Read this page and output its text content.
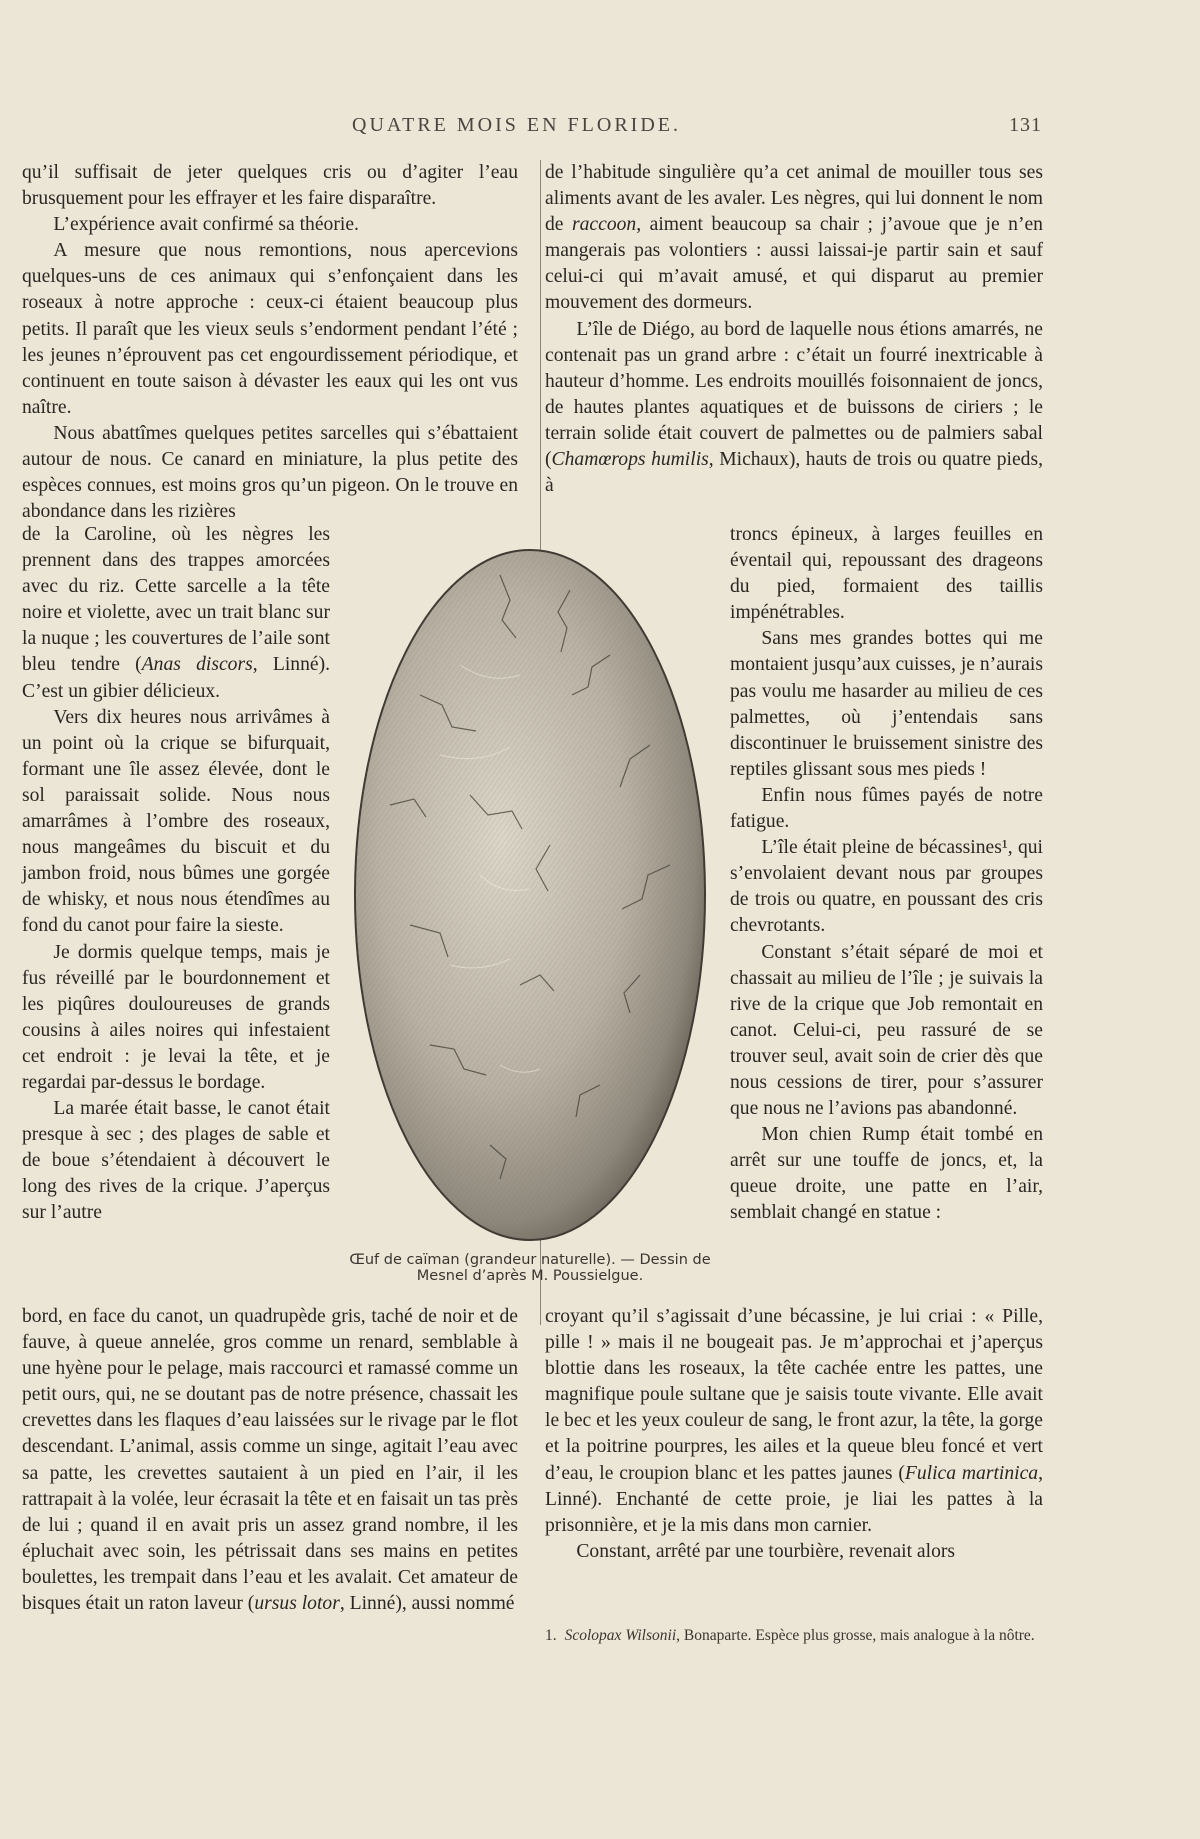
QUATRE MOIS EN FLORIDE.	131

qu’il suffisait de jeter quelques cris ou d’agiter l’eau brusquement pour les effrayer et les faire disparaître.

L’expérience avait confirmé sa théorie.

A mesure que nous remontions, nous apercevions quelques-uns de ces animaux qui s’enfonçaient dans les roseaux à notre approche : ceux-ci étaient beaucoup plus petits. Il paraît que les vieux seuls s’endorment pendant l’été ; les jeunes n’éprouvent pas cet engourdissement périodique, et continuent en toute saison à dévaster les eaux qui les ont vus naître.

Nous abattîmes quelques petites sarcelles qui s’ébattaient autour de nous. Ce canard en miniature, la plus petite des espèces connues, est moins gros qu’un pigeon. On le trouve en abondance dans les rizières

de la Caroline, où les nègres les prennent dans des trappes amorcées avec du riz. Cette sarcelle a la tête noire et violette, avec un trait blanc sur la nuque ; les couvertures de l’aile sont bleu tendre (Anas discors, Linné). C’est un gibier délicieux.

Vers dix heures nous arrivâmes à un point où la crique se bifurquait, formant une île assez élevée, dont le sol paraissait solide. Nous nous amarrâmes à l’ombre des roseaux, nous mangeâmes du biscuit et du jambon froid, nous bûmes une gorgée de whisky, et nous nous étendîmes au fond du canot pour faire la sieste.

Je dormis quelque temps, mais je fus réveillé par le bourdonnement et les piqûres douloureuses de grands cousins à ailes noires qui infestaient cet endroit : je levai la tête, et je regardai par-dessus le bordage.

La marée était basse, le canot était presque à sec ; des plages de sable et de boue s’étendaient à découvert le long des rives de la crique. J’aperçus sur l’autre

bord, en face du canot, un quadrupède gris, taché de noir et de fauve, à queue annelée, gros comme un renard, semblable à une hyène pour le pelage, mais raccourci et ramassé comme un petit ours, qui, ne se doutant pas de notre présence, chassait les crevettes dans les flaques d’eau laissées sur le rivage par le flot descendant. L’animal, assis comme un singe, agitait l’eau avec sa patte, les crevettes sautaient à un pied en l’air, il les rattrapait à la volée, leur écrasait la tête et en faisait un tas près de lui ; quand il en avait pris un assez grand nombre, il les épluchait avec soin, les pétrissait dans ses mains en petites boulettes, les trempait dans l’eau et les avalait. Cet amateur de bisques était un raton laveur (ursus lotor, Linné), aussi nommé

de l’habitude singulière qu’a cet animal de mouiller tous ses aliments avant de les avaler. Les nègres, qui lui donnent le nom de raccoon, aiment beaucoup sa chair ; j’avoue que je n’en mangerais pas volontiers : aussi laissai-je partir sain et sauf celui-ci qui m’avait amusé, et qui disparut au premier mouvement des dormeurs.

L’île de Diégo, au bord de laquelle nous étions amarrés, ne contenait pas un grand arbre : c’était un fourré inextricable à hauteur d’homme. Les endroits mouillés foisonnaient de joncs, de hautes plantes aquatiques et de buissons de ciriers ; le terrain solide était couvert de palmettes ou de palmiers sabal (Chamœrops humilis, Michaux), hauts de trois ou quatre pieds, à

troncs épineux, à larges feuilles en éventail qui, repoussant des drageons du pied, formaient des taillis impénétrables.

Sans mes grandes bottes qui me montaient jusqu’aux cuisses, je n’aurais pas voulu me hasarder au milieu de ces palmettes, où j’entendais sans discontinuer le bruissement sinistre des reptiles glissant sous mes pieds !

Enfin nous fûmes payés de notre fatigue.

L’île était pleine de bécassines¹, qui s’envolaient devant nous par groupes de trois ou quatre, en poussant des cris chevrotants.

Constant s’était séparé de moi et chassait au milieu de l’île ; je suivais la rive de la crique que Job remontait en canot. Celui-ci, peu rassuré de se trouver seul, avait soin de crier dès que nous cessions de tirer, pour s’assurer que nous ne l’avions pas abandonné.

Mon chien Rump était tombé en arrêt sur une touffe de joncs, et, la queue droite, une patte en l’air, semblait changé en statue :

croyant qu’il s’agissait d’une bécassine, je lui criai : « Pille, pille ! » mais il ne bougeait pas. Je m’approchai et j’aperçus blottie dans les roseaux, la tête cachée entre les pattes, une magnifique poule sultane que je saisis toute vivante. Elle avait le bec et les yeux couleur de sang, le front azur, la tête, la gorge et la poitrine pourpres, les ailes et la queue bleu foncé et vert d’eau, le croupion blanc et les pattes jaunes (Fulica martinica, Linné). Enchanté de cette proie, je liai les pattes à la prisonnière, et je la mis dans mon carnier.

Constant, arrêté par une tourbière, revenait alors

Œuf de caïman (grandeur naturelle). — Dessin de Mesnel d’après M. Poussielgue.
1. Scolopax Wilsonii, Bonaparte. Espèce plus grosse, mais analogue à la nôtre.
